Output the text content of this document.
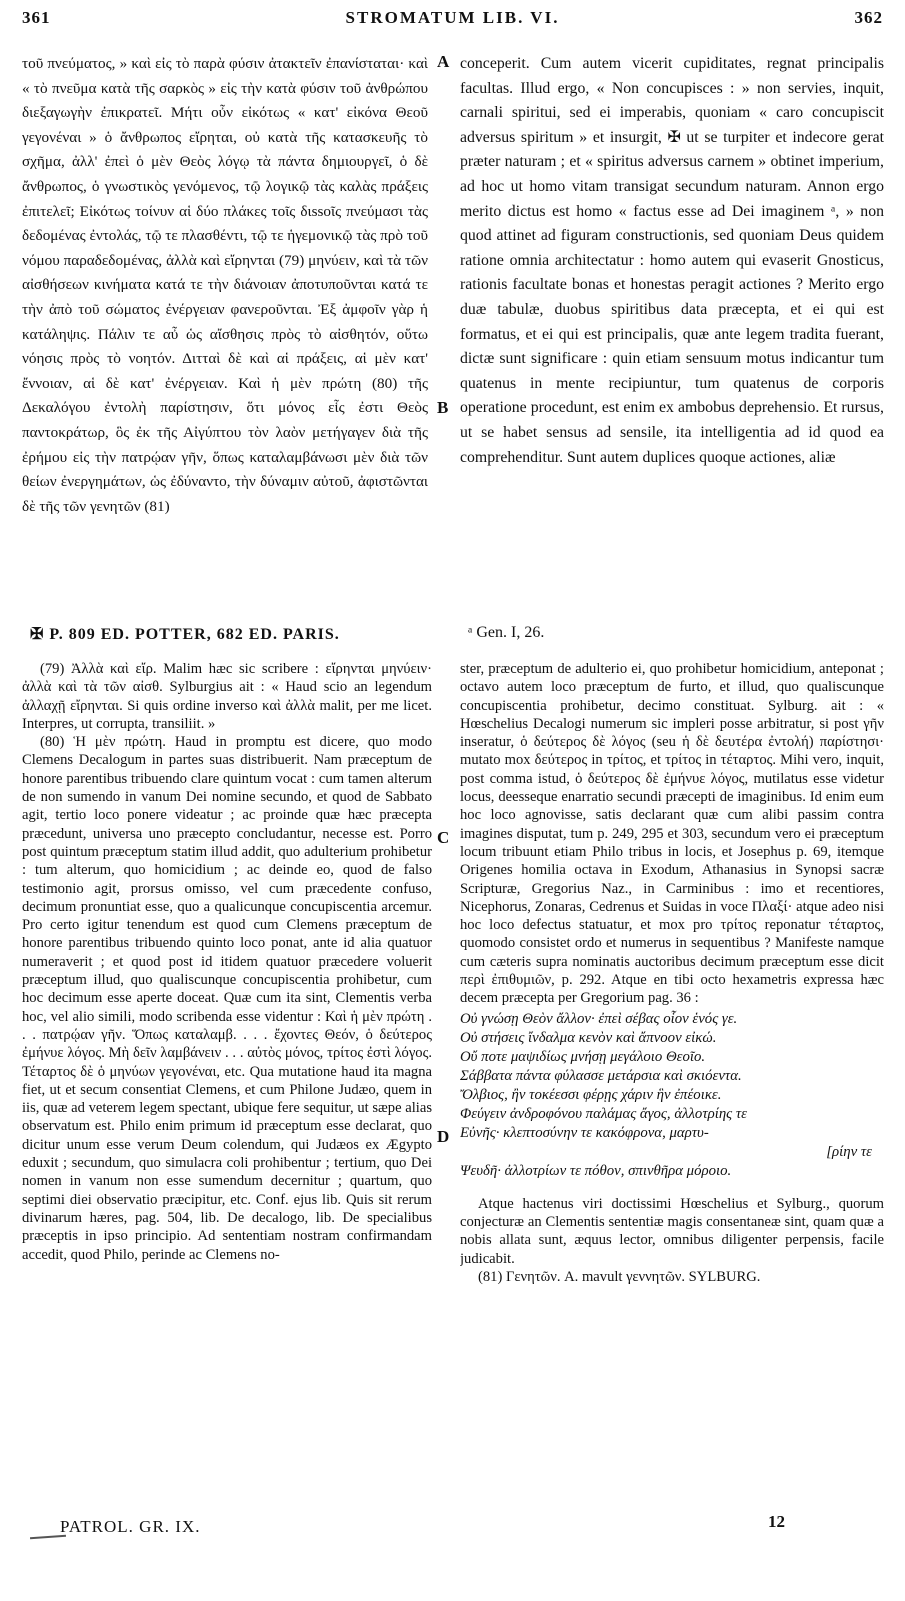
361	STROMATUM LIB. VI.	362

τοῦ πνεύματος, » καὶ εἰς τὸ παρὰ φύσιν ἀτακτεῖν ἐπανίσταται· καὶ « τὸ πνεῦμα κατὰ τῆς σαρκὸς » εἰς τὴν κατὰ φύσιν τοῦ ἀνθρώπου διεξαγωγὴν ἐπικρατεῖ. Μήτι οὖν εἰκότως « κατ' εἰκόνα Θεοῦ γεγονέναι » ὁ ἄνθρωπος εἴρηται, οὐ κατὰ τῆς κατασκευῆς τὸ σχῆμα, ἀλλ' ἐπεὶ ὁ μὲν Θεὸς λόγῳ τὰ πάντα δημιουργεῖ, ὁ δὲ ἄνθρωπος, ὁ γνωστικὸς γενόμενος, τῷ λογικῷ τὰς καλὰς πράξεις ἐπιτελεῖ; Εἰκότως τοίνυν αἱ δύο πλάκες τοῖς διssοῖς πνεύμασι τὰς δεδομένας ἐντολάς, τῷ τε πλασθέντι, τῷ τε ἡγεμονικῷ τὰς πρὸ τοῦ νόμου παραδεδομένας, ἀλλὰ καὶ εἴρηνται (79) μηνύειν, καὶ τὰ τῶν αἰσθήσεων κινήματα κατά τε τὴν διάνοιαν ἀποτυποῦνται κατά τε τὴν ἀπὸ τοῦ σώματος ἐνέργειαν φανεροῦνται. Ἐξ ἀμφοῖν γὰρ ἡ κατάληψις. Πάλιν τε αὖ ὡς αἴσθησις πρὸς τὸ αἰσθητόν, οὕτω νόησις πρὸς τὸ νοητόν. Διτταὶ δὲ καὶ αἱ πράξεις, αἱ μὲν κατ' ἔννοιαν, αἱ δὲ κατ' ἐνέργειαν. Καὶ ἡ μὲν πρώτη (80) τῆς Δεκαλόγου ἐντολὴ παρίστησιν, ὅτι μόνος εἷς ἐστι Θεὸς παντοκράτωρ, ὃς ἐκ τῆς Αἰγύπτου τὸν λαὸν μετήγαγεν διὰ τῆς ἐρήμου εἰς τὴν πατρῴαν γῆν, ὅπως καταλαμβάνωσι μὲν διὰ τῶν θείων ἐνεργημάτων, ὡς ἐδύναντο, τὴν δύναμιν αὐτοῦ, ἀφιστῶνται δὲ τῆς τῶν γενητῶν (81)

conceperit. Cum autem vicerit cupiditates, regnat principalis facultas. Illud ergo, « Non concupisces : » non servies, inquit, carnali spiritui, sed ei imperabis, quoniam « caro concupiscit adversus spiritum » et insurgit, ✠ ut se turpiter et indecore gerat præter naturam ; et « spiritus adversus carnem » obtinet imperium, ad hoc ut homo vitam transigat secundum naturam. Annon ergo merito dictus est homo « factus esse ad Dei imaginem ᵃ, » non quod attinet ad figuram constructionis, sed quoniam Deus quidem ratione omnia architectatur : homo autem qui evaserit Gnosticus, rationis facultate bonas et honestas peragit actiones ? Merito ergo duæ tabulæ, duobus spiritibus data præcepta, et ei qui est formatus, et ei qui est principalis, quæ ante legem tradita fuerant, dictæ sunt significare : quin etiam sensuum motus indicantur tum quatenus in mente recipiuntur, tum quatenus de corporis operatione procedunt, est enim ex ambobus deprehensio. Et rursus, ut se habet sensus ad sensile, ita intelligentia ad id quod ea comprehenditur. Sunt autem duplices quoque actiones, aliæ

A
B
C
D
✠ P. 809 ED. POTTER, 682 ED. PARIS.	ᵃ Gen. I, 26.

(79) Ἀλλὰ καὶ εἴρ. Malim hæc sic scribere : εἴρηνται μηνύειν· ἀλλὰ καὶ τὰ τῶν αἰσθ. Sylburgius ait : « Haud scio an legendum ἀλλαχῇ εἴρηνται. Si quis ordine inverso καὶ ἀλλὰ malit, per me licet. Interpres, ut corrupta, transiliit. »

(80) Ἡ μὲν πρώτη. Haud in promptu est dicere, quo modo Clemens Decalogum in partes suas distribuerit. Nam præceptum de honore parentibus tribuendo clare quintum vocat : cum tamen alterum de non sumendo in vanum Dei nomine secundo, et quod de Sabbato agit, tertio loco ponere videatur ; ac proinde quæ hæc præcepta præcedunt, universa uno præcepto concludantur, necesse est. Porro post quintum præceptum statim illud addit, quo adulterium prohibetur : tum alterum, quo homicidium ; ac deinde eo, quod de falso testimonio agit, prorsus omisso, vel cum præcedente confuso, decimum pronuntiat esse, quo a qualicunque concupiscentia arcemur. Pro certo igitur tenendum est quod cum Clemens præceptum de honore parentibus tribuendo quinto loco ponat, ante id alia quatuor numeraverit ; et quod post id itidem quatuor præcedere voluerit præceptum illud, quo qualiscunque concupiscentia prohibetur, cum hoc decimum esse aperte doceat. Quæ cum ita sint, Clementis verba hoc, vel alio simili, modo scribenda esse videntur : Καὶ ἡ μὲν πρώτη . . . πατρῴαν γῆν. Ὅπως καταλαμβ. . . . ἔχοντες Θεόν, ὁ δεύτερος ἐμήνυε λόγος. Μὴ δεῖν λαμβάνειν . . . αὐτὸς μόνος, τρίτος ἐστὶ λόγος. Τέταρτος δὲ ὁ μηνύων γεγονέναι, etc. Qua mutatione haud ita magna fiet, ut et secum consentiat Clemens, et cum Philone Judæo, quem in iis, quæ ad veterem legem spectant, ubique fere sequitur, ut sæpe alias observatum est. Philo enim primum id præceptum esse declarat, quo dicitur unum esse verum Deum colendum, qui Judæos ex Ægypto eduxit ; secundum, quo simulacra coli prohibentur ; tertium, quo Dei nomen in vanum non esse sumendum decernitur ; quartum, quo septimi diei observatio præcipitur, etc. Conf. ejus lib. Quis sit rerum divinarum hæres, pag. 504, lib. De decalogo, lib. De specialibus præceptis in ipso principio. Ad sententiam nostram confirmandam accedit, quod Philo, perinde ac Clemens no-

ster, præceptum de adulterio ei, quo prohibetur homicidium, anteponat ; octavo autem loco præceptum de furto, et illud, quo qualiscunque concupiscentia prohibetur, decimo constituat. Sylburg. ait : « Hœschelius Decalogi numerum sic impleri posse arbitratur, si post γῆν inseratur, ὁ δεύτερος δὲ λόγος (seu ἡ δὲ δευτέρα ἐντολή) παρίστησι· mutato mox δεύτερος in τρίτος, et τρίτος in τέταρτος. Mihi vero, inquit, post comma istud, ὁ δεύτερος δὲ ἐμήνυε λόγος, mutilatus esse videtur locus, deesseque enarratio secundi præcepti de imaginibus. Id enim eum hoc loco agnovisse, satis declarant quæ cum alibi passim contra imagines disputat, tum p. 249, 295 et 303, secundum vero ei præceptum locum tribuunt etiam Philo tribus in locis, et Josephus p. 69, itemque Origenes homilia octava in Exodum, Athanasius in Synopsi sacræ Scripturæ, Gregorius Naz., in Carminibus : imo et recentiores, Nicephorus, Zonaras, Cedrenus et Suidas in voce Πλαξί· atque adeo nisi hoc loco defectus statuatur, et mox pro τρίτος reponatur τέταρτος, quomodo consistet ordo et numerus in sequentibus ? Manifeste namque cum cæteris supra nominatis auctoribus decimum præceptum esse dicit περὶ ἐπιθυμιῶν, p. 292. Atque en tibi octo hexametris expressa hæc decem præcepta per Gregorium pag. 36 :

Οὐ γνώσῃ Θεὸν ἄλλον· ἐπεὶ σέβας οἷον ἑνός γε.

Οὐ στήσεις ἴνδαλμα κενὸν καὶ ἄπνοον εἰκώ.

Οὔ ποτε μαψιδίως μνήσῃ μεγάλοιο Θεοῖο.

Σάββατα πάντα φύλασσε μετάρσια καὶ σκιόεντα.

Ὄλβιος, ἢν τοκέεσσι φέρῃς χάριν ἣν ἐπέοικε.

Φεύγειν ἀνδροφόνου παλάμας ἄγος, ἀλλοτρίης τε

Εὐνῆς· κλεπτοσύνην τε κακόφρονα, μαρτυ-

[ρίην τε

Ψευδῆ· ἀλλοτρίων τε πόθον, σπινθῆρα μόροιο.

Atque hactenus viri doctissimi Hœschelius et Sylburg., quorum conjecturæ an Clementis sententiæ magis consentaneæ sint, quam quæ a nobis allata sunt, æquus lector, omnibus diligenter perpensis, facile judicabit.

(81) Γενητῶν. A. mavult γεννητῶν. SYLBURG.

PATROL. GR. IX.	12
